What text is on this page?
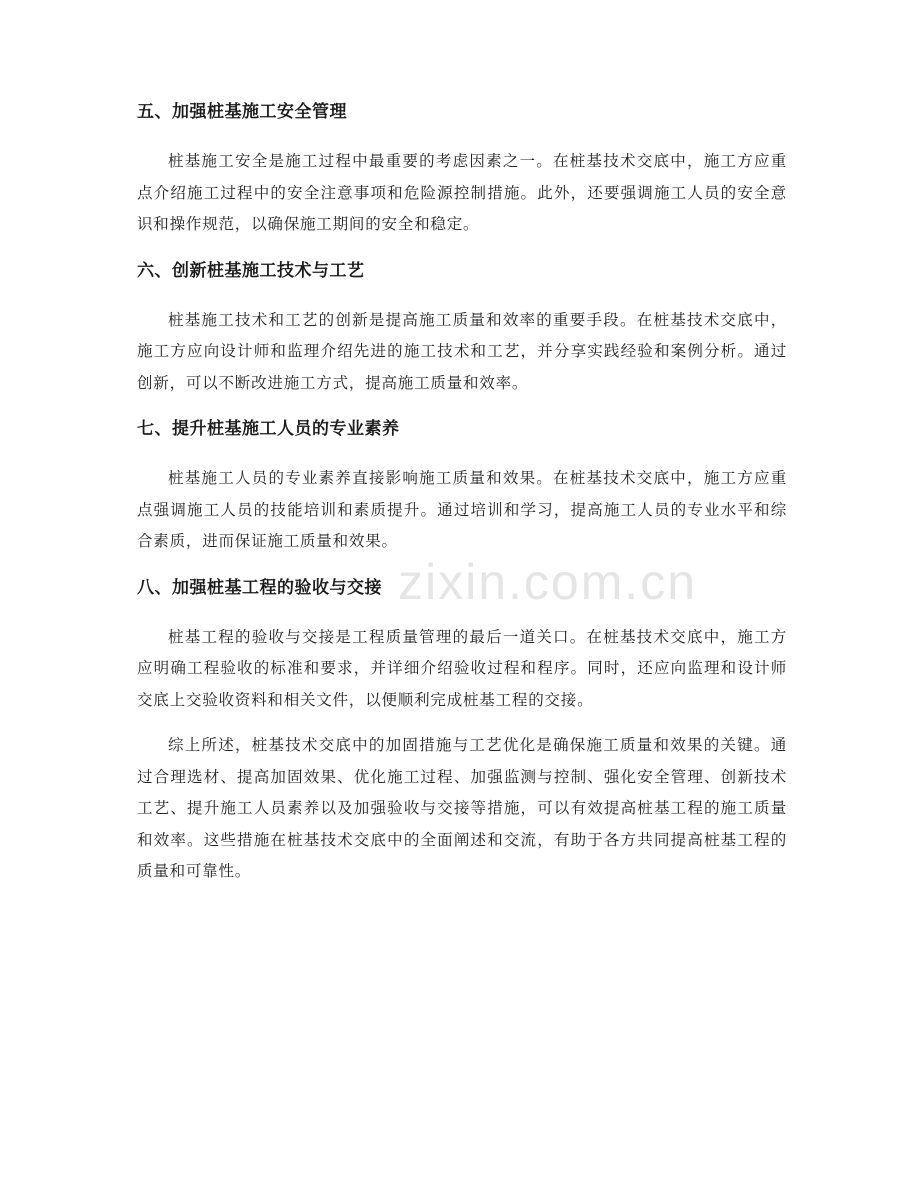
五、加强桩基施工安全管理

桩基施工安全是施工过程中最重要的考虑因素之一。在桩基技术交底中，施工方应重点介绍施工过程中的安全注意事项和危险源控制措施。此外，还要强调施工人员的安全意识和操作规范，以确保施工期间的安全和稳定。

六、创新桩基施工技术与工艺

桩基施工技术和工艺的创新是提高施工质量和效率的重要手段。在桩基技术交底中，施工方应向设计师和监理介绍先进的施工技术和工艺，并分享实践经验和案例分析。通过创新，可以不断改进施工方式，提高施工质量和效率。

七、提升桩基施工人员的专业素养

桩基施工人员的专业素养直接影响施工质量和效果。在桩基技术交底中，施工方应重点强调施工人员的技能培训和素质提升。通过培训和学习，提高施工人员的专业水平和综合素质，进而保证施工质量和效果。

八、加强桩基工程的验收与交接

桩基工程的验收与交接是工程质量管理的最后一道关口。在桩基技术交底中，施工方应明确工程验收的标准和要求，并详细介绍验收过程和程序。同时，还应向监理和设计师交底上交验收资料和相关文件，以便顺利完成桩基工程的交接。

综上所述，桩基技术交底中的加固措施与工艺优化是确保施工质量和效果的关键。通过合理选材、提高加固效果、优化施工过程、加强监测与控制、强化安全管理、创新技术工艺、提升施工人员素养以及加强验收与交接等措施，可以有效提高桩基工程的施工质量和效率。这些措施在桩基技术交底中的全面阐述和交流，有助于各方共同提高桩基工程的质量和可靠性。

zixin.com.cn
